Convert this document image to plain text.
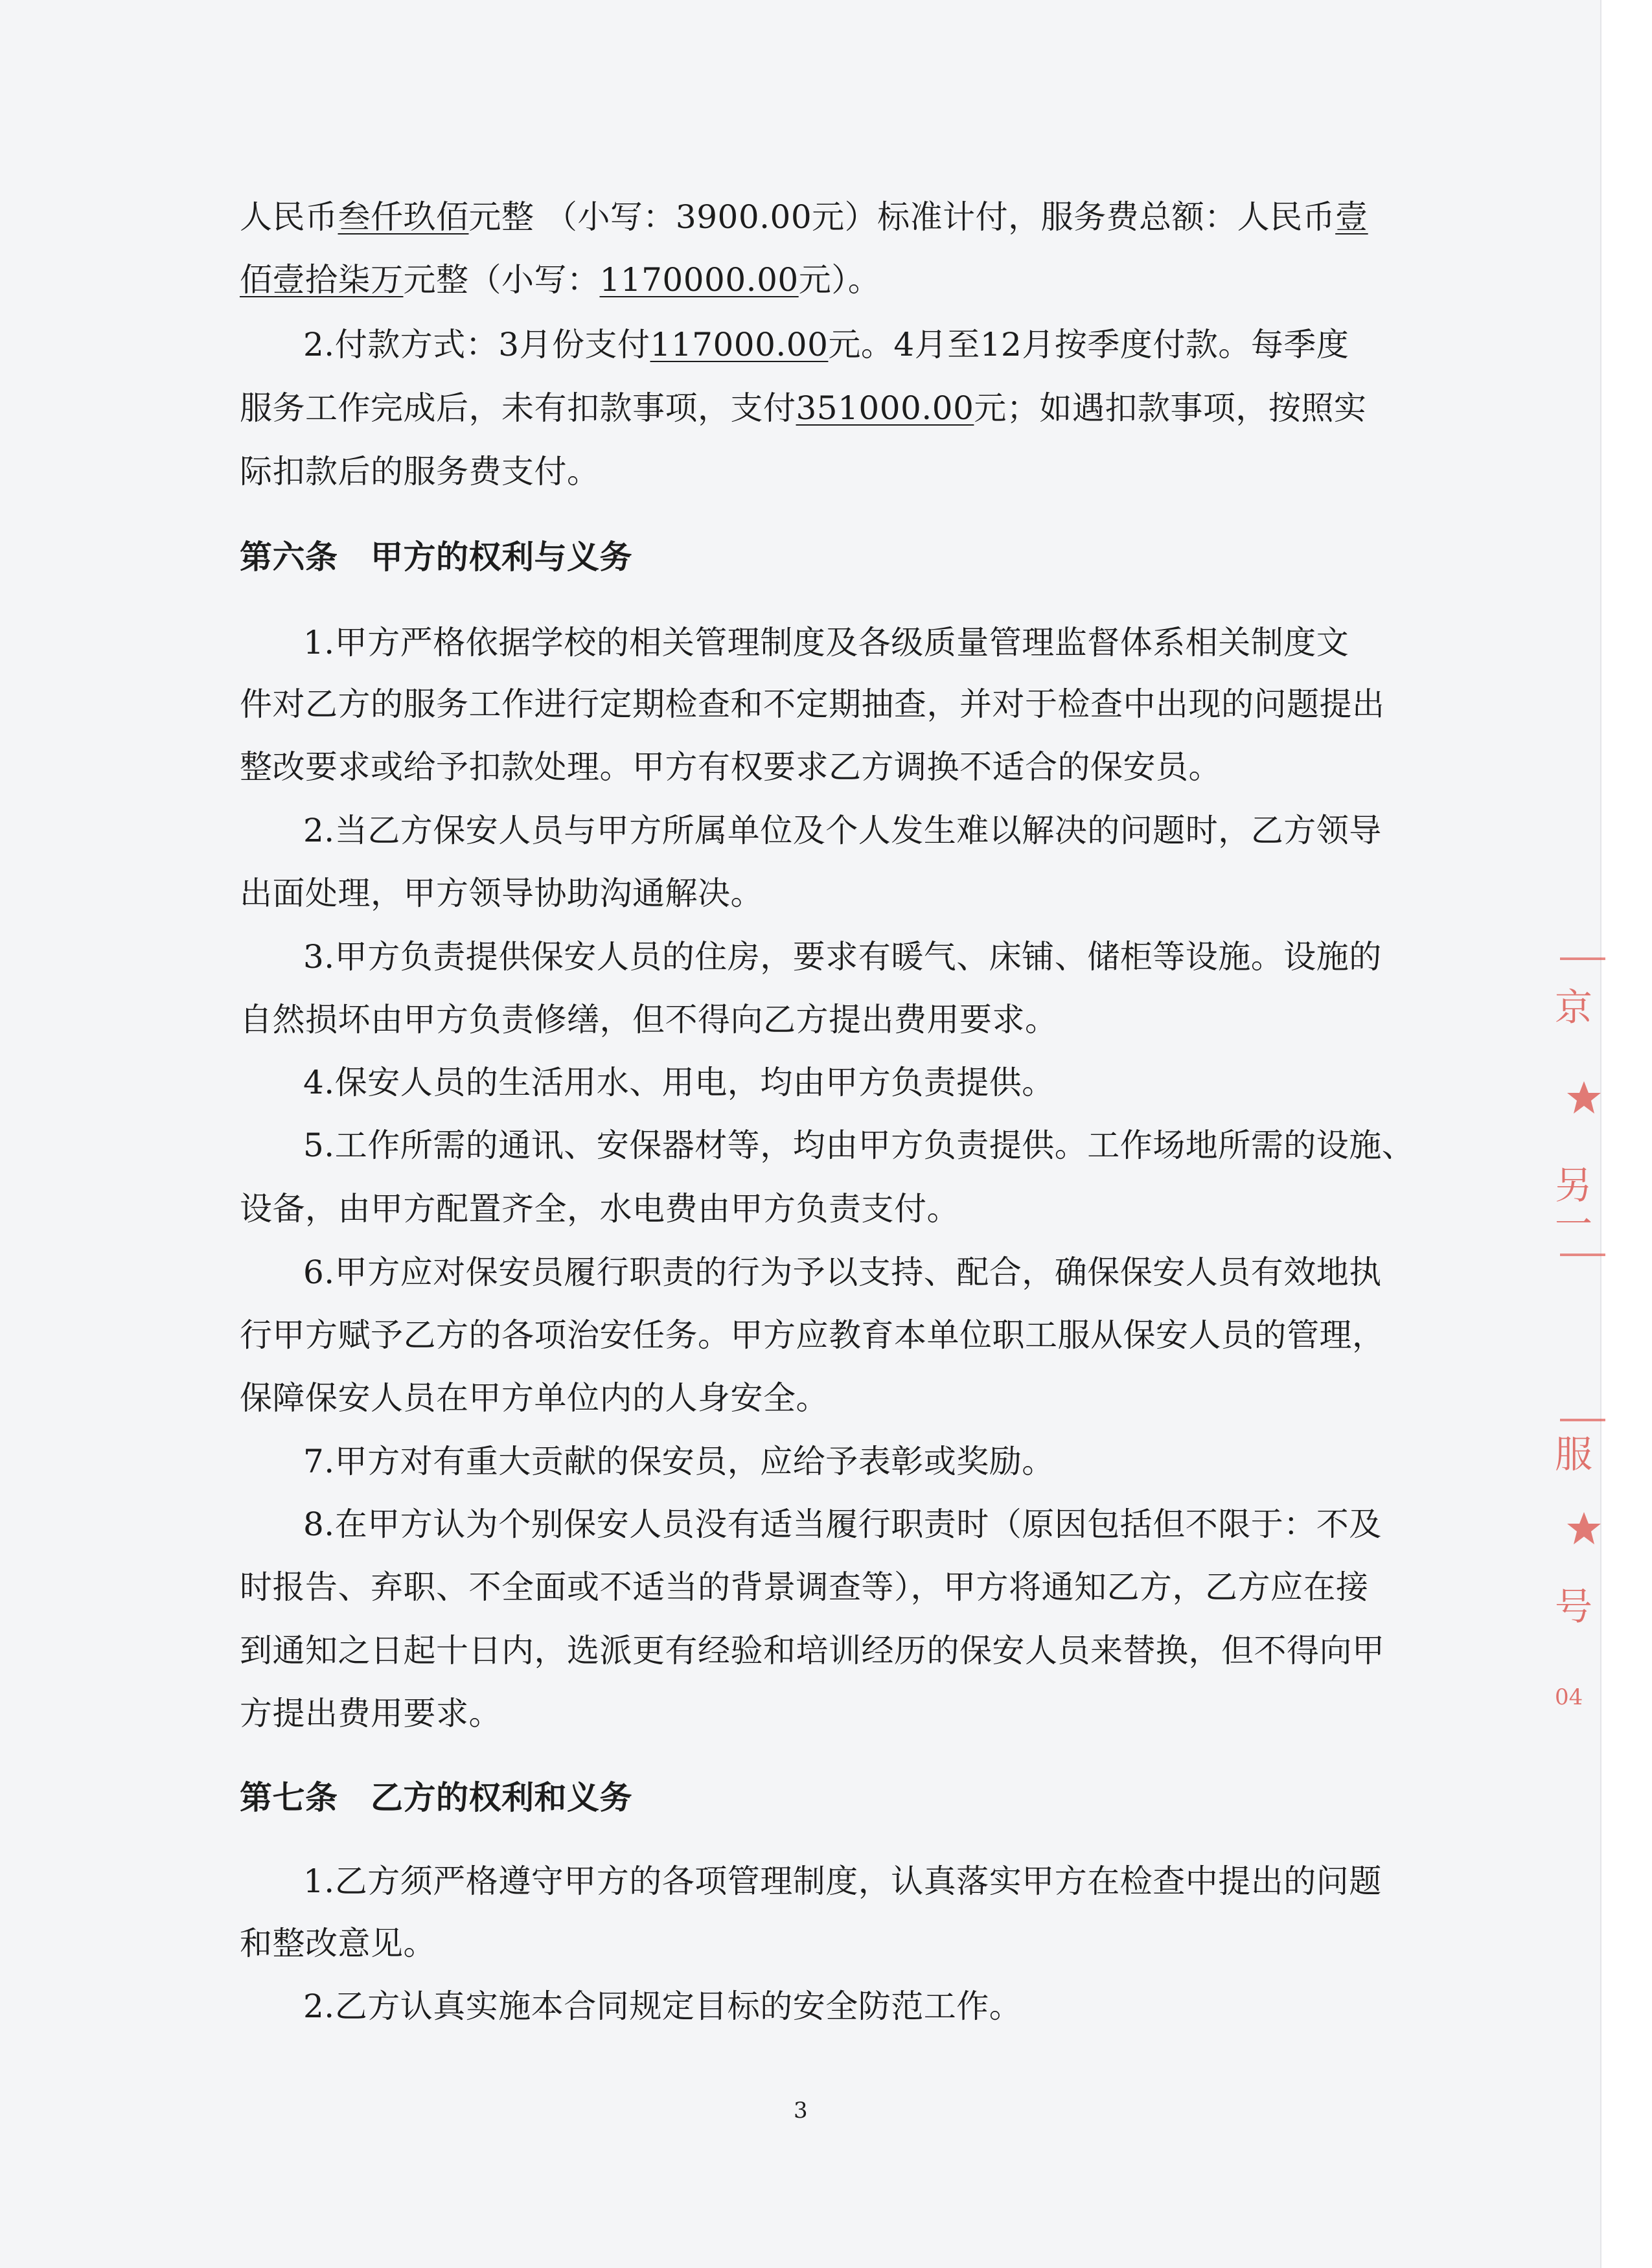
人民币叁仟玖佰元整 （小写：3900.00元）标准计付，服务费总额：人民币壹
佰壹拾柒万元整（小写：1170000.00元）。
2.付款方式：3月份支付117000.00元。4月至12月按季度付款。每季度
服务工作完成后，未有扣款事项，支付351000.00元；如遇扣款事项，按照实
际扣款后的服务费支付。
第六条　甲方的权利与义务
1.甲方严格依据学校的相关管理制度及各级质量管理监督体系相关制度文
件对乙方的服务工作进行定期检查和不定期抽查，并对于检查中出现的问题提出
整改要求或给予扣款处理。甲方有权要求乙方调换不适合的保安员。
2.当乙方保安人员与甲方所属单位及个人发生难以解决的问题时，乙方领导
出面处理，甲方领导协助沟通解决。
3.甲方负责提供保安人员的住房，要求有暖气、床铺、储柜等设施。设施的
自然损坏由甲方负责修缮，但不得向乙方提出费用要求。
4.保安人员的生活用水、用电，均由甲方负责提供。
5.工作所需的通讯、安保器材等，均由甲方负责提供。工作场地所需的设施、
设备，由甲方配置齐全，水电费由甲方负责支付。
6.甲方应对保安员履行职责的行为予以支持、配合，确保保安人员有效地执
行甲方赋予乙方的各项治安任务。甲方应教育本单位职工服从保安人员的管理，
保障保安人员在甲方单位内的人身安全。
7.甲方对有重大贡献的保安员，应给予表彰或奖励。
8.在甲方认为个别保安人员没有适当履行职责时（原因包括但不限于：不及
时报告、弃职、不全面或不适当的背景调查等），甲方将通知乙方，乙方应在接
到通知之日起十日内，选派更有经验和培训经历的保安人员来替换，但不得向甲
方提出费用要求。
第七条　乙方的权利和义务
1.乙方须严格遵守甲方的各项管理制度，认真落实甲方在检查中提出的问题
和整改意见。
2.乙方认真实施本合同规定目标的安全防范工作。
3
京
另一
服
号
04
